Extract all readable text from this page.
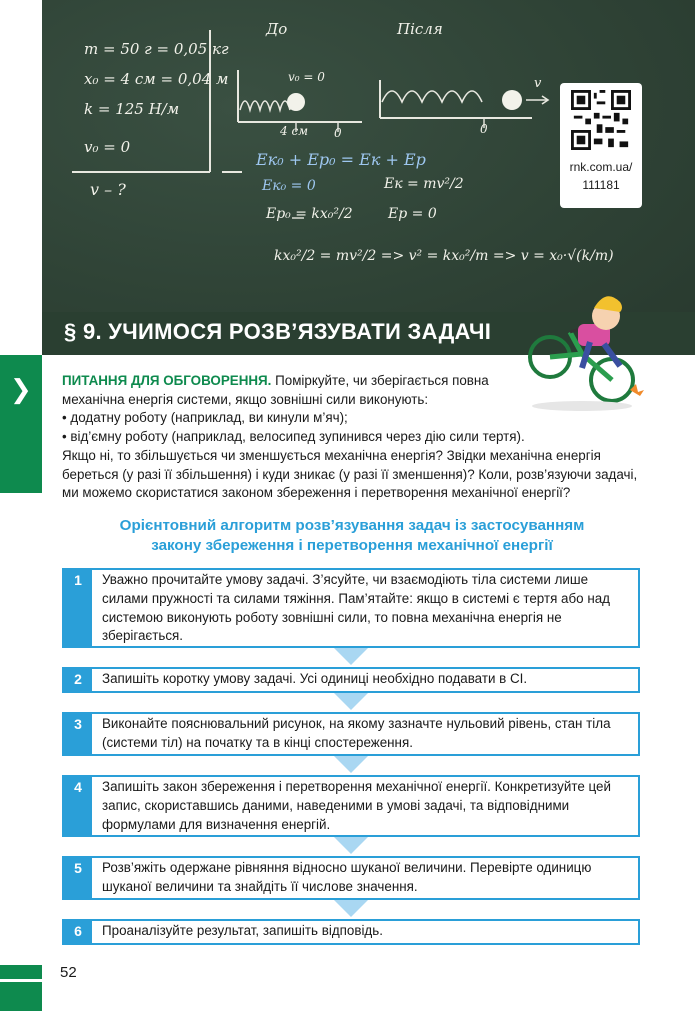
m = 50 г = 0,05 кг
x₀ = 4 см = 0,04 м
k = 125 H/м
v₀ = 0
v – ?
До	Після
v₀ = 0
4 см 0	0
v
Eк₀ + Eр₀ = Eк + Eр
Eк₀ = 0	Eк = mv²/2
Eр₀ = kx₀²/2	Eр = 0
kx₀²/2 = mv²/2 => v² = kx₀²/m => v = x₀·√(k/m)
rnk.com.ua/
111181
§ 9. УЧИМОСЯ РОЗВ’ЯЗУВАТИ ЗАДАЧІ
❯ ПИТАННЯ ДЛЯ ОБГОВОРЕННЯ. Поміркуйте, чи зберігається повна

механічна енергія системи, якщо зовнішні сили виконують:

• додатну роботу (наприклад, ви кинули м’яч);

• від’ємну роботу (наприклад, велосипед зупинився через дію сили тертя).

Якщо ні, то збільшується чи зменшується механічна енергія? Звідки механічна енергія береться (у разі її збільшення) і куди зникає (у разі її зменшення)? Коли, розв’язуючи задачі, ми можемо скористатися законом збереження і перетворення механічної енергії?

Орієнтовний алгоритм розв’язування задач із застосуванням
закону збереження і перетворення механічної енергії
1	Уважно прочитайте умову задачі. З’ясуйте, чи взаємодіють тіла системи лише силами пружності та силами тяжіння. Пам’ятайте: якщо в системі є тертя або над системою виконують роботу зовнішні сили, то повна механічна енергія не зберігається.
2	Запишіть коротку умову задачі. Усі одиниці необхідно подавати в СІ.
3	Виконайте пояснювальний рисунок, на якому зазначте нульовий рівень, стан тіла (системи тіл) на початку та в кінці спостереження.
4	Запишіть закон збереження і перетворення механічної енергії. Конкретизуйте цей запис, скориставшись даними, наведеними в умові задачі, та відповідними формулами для визначення енергій.
5	Розв’яжіть одержане рівняння відносно шуканої величини. Перевірте одиницю шуканої величини та знайдіть її числове значення.
6	Проаналізуйте результат, запишіть відповідь.
52
